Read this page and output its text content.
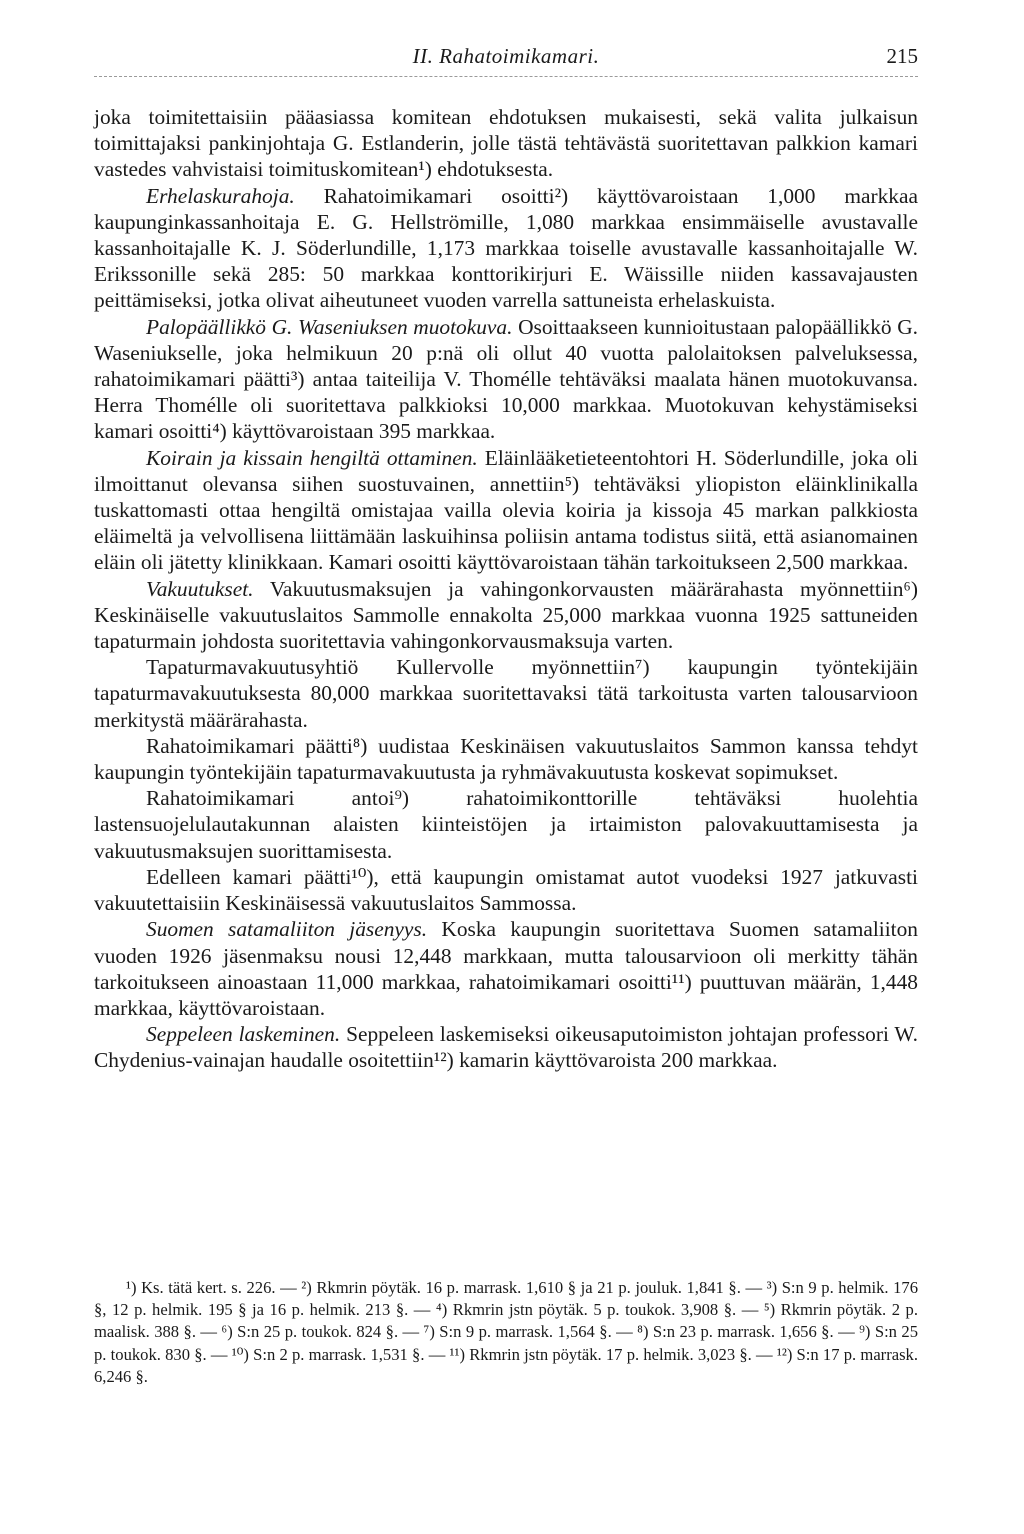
II. Rahatoimikamari.	215

joka toimitettaisiin pääasiassa komitean ehdotuksen mukaisesti, sekä valita julkaisun toimittajaksi pankinjohtaja G. Estlanderin, jolle tästä tehtävästä suoritettavan palkkion kamari vastedes vahvistaisi toimituskomitean¹) ehdotuksesta.

Erhelaskurahoja. Rahatoimikamari osoitti²) käyttövaroistaan 1,000 markkaa kaupunginkassanhoitaja E. G. Hellströmille, 1,080 markkaa ensimmäiselle avustavalle kassanhoitajalle K. J. Söderlundille, 1,173 markkaa toiselle avustavalle kassanhoitajalle W. Erikssonille sekä 285: 50 markkaa konttorikirjuri E. Wäissille niiden kassavajausten peittämiseksi, jotka olivat aiheutuneet vuoden varrella sattuneista erhelaskuista.

Palopäällikkö G. Waseniuksen muotokuva. Osoittaakseen kunnioitustaan palopäällikkö G. Waseniukselle, joka helmikuun 20 p:nä oli ollut 40 vuotta palolaitoksen palveluksessa, rahatoimikamari päätti³) antaa taiteilija V. Thomélle tehtäväksi maalata hänen muotokuvansa. Herra Thomélle oli suoritettava palkkioksi 10,000 markkaa. Muotokuvan kehystämiseksi kamari osoitti⁴) käyttövaroistaan 395 markkaa.

Koirain ja kissain hengiltä ottaminen. Eläinlääketieteentohtori H. Söderlundille, joka oli ilmoittanut olevansa siihen suostuvainen, annettiin⁵) tehtäväksi yliopiston eläinklinikalla tuskattomasti ottaa hengiltä omistajaa vailla olevia koiria ja kissoja 45 markan palkkiosta eläimeltä ja velvollisena liittämään laskuihinsa poliisin antama todistus siitä, että asianomainen eläin oli jätetty klinikkaan. Kamari osoitti käyttövaroistaan tähän tarkoitukseen 2,500 markkaa.

Vakuutukset. Vakuutusmaksujen ja vahingonkorvausten määrärahasta myönnettiin⁶) Keskinäiselle vakuutuslaitos Sammolle ennakolta 25,000 markkaa vuonna 1925 sattuneiden tapaturmain johdosta suoritettavia vahingonkorvausmaksuja varten.

Tapaturmavakuutusyhtiö Kullervolle myönnettiin⁷) kaupungin työntekijäin tapaturmavakuutuksesta 80,000 markkaa suoritettavaksi tätä tarkoitusta varten talousarvioon merkitystä määrärahasta.

Rahatoimikamari päätti⁸) uudistaa Keskinäisen vakuutuslaitos Sammon kanssa tehdyt kaupungin työntekijäin tapaturmavakuutusta ja ryhmävakuutusta koskevat sopimukset.

Rahatoimikamari antoi⁹) rahatoimikonttorille tehtäväksi huolehtia lastensuojelulautakunnan alaisten kiinteistöjen ja irtaimiston palovakuuttamisesta ja vakuutusmaksujen suorittamisesta.

Edelleen kamari päätti¹⁰), että kaupungin omistamat autot vuodeksi 1927 jatkuvasti vakuutettaisiin Keskinäisessä vakuutuslaitos Sammossa.

Suomen satamaliiton jäsenyys. Koska kaupungin suoritettava Suomen satamaliiton vuoden 1926 jäsenmaksu nousi 12,448 markkaan, mutta talousarvioon oli merkitty tähän tarkoitukseen ainoastaan 11,000 markkaa, rahatoimikamari osoitti¹¹) puuttuvan määrän, 1,448 markkaa, käyttövaroistaan.

Seppeleen laskeminen. Seppeleen laskemiseksi oikeusaputoimiston johtajan professori W. Chydenius-vainajan haudalle osoitettiin¹²) kamarin käyttövaroista 200 markkaa.

¹) Ks. tätä kert. s. 226. — ²) Rkmrin pöytäk. 16 p. marrask. 1,610 § ja 21 p. jouluk. 1,841 §. — ³) S:n 9 p. helmik. 176 §, 12 p. helmik. 195 § ja 16 p. helmik. 213 §. — ⁴) Rkmrin jstn pöytäk. 5 p. toukok. 3,908 §. — ⁵) Rkmrin pöytäk. 2 p. maalisk. 388 §. — ⁶) S:n 25 p. toukok. 824 §. — ⁷) S:n 9 p. marrask. 1,564 §. — ⁸) S:n 23 p. marrask. 1,656 §. — ⁹) S:n 25 p. toukok. 830 §. — ¹⁰) S:n 2 p. marrask. 1,531 §. — ¹¹) Rkmrin jstn pöytäk. 17 p. helmik. 3,023 §. — ¹²) S:n 17 p. marrask. 6,246 §.
